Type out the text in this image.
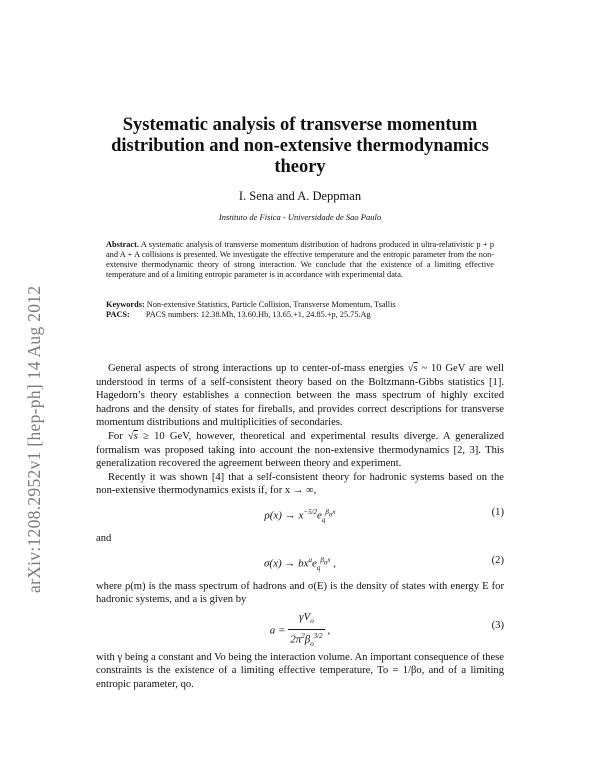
arXiv:1208.2952v1 [hep-ph] 14 Aug 2012
Systematic analysis of transverse momentum distribution and non-extensive thermodynamics theory
I. Sena and A. Deppman
Instituto de Fisica - Universidade de Sao Paulo
Abstract. A systematic analysis of transverse momentum distribution of hadrons produced in ultra-relativistic p + p and A + A collisions is presented. We investigate the effective temperature and the entropic parameter from the non-extensive thermodynamic theory of strong interaction. We conclude that the existence of a limiting effective temperature and of a limiting entropic parameter is in accordance with experimental data.
Keywords: Non-extensive Statistics, Particle Collision, Transverse Momentum, Tsallis
PACS: PACS numbers: 12.38.Mh, 13.60.Hb, 13.65.+1, 24.85.+p, 25.75.Ag

General aspects of strong interactions up to center-of-mass energies √s ~ 10 GeV are well understood in terms of a self-consistent theory based on the Boltzmann-Gibbs statistics [1]. Hagedorn’s theory establishes a connection between the mass spectrum of highly excited hadrons and the density of states for fireballs, and provides correct descriptions for transverse momentum distributions and multiplicities of secondaries.

For √s ≥ 10 GeV, however, theoretical and experimental results diverge. A generalized formalism was proposed taking into account the non-extensive thermodynamics [2, 3]. This generalization recovered the agreement between theory and experiment.

Recently it was shown [4] that a self-consistent theory for hadronic systems based on the non-extensive thermodynamics exists if, for x → ∞,

$\rho(x) \to x^{-5/2}e_q^{\beta_ox}$	(1)

and

$\sigma(x) \to bx^ae_q^{\beta_ox}$ ,	(2)

where ρ(m) is the mass spectrum of hadrons and σ(E) is the density of states with energy E for hadronic systems, and a is given by

$a = \frac{\gamma V_o}{2\pi^2\beta_o^{3/2}}$ ,	(3)

with γ being a constant and Vo being the interaction volume. An important consequence of these constraints is the existence of a limiting effective temperature, To = 1/βo, and of a limiting entropic parameter, qo.
